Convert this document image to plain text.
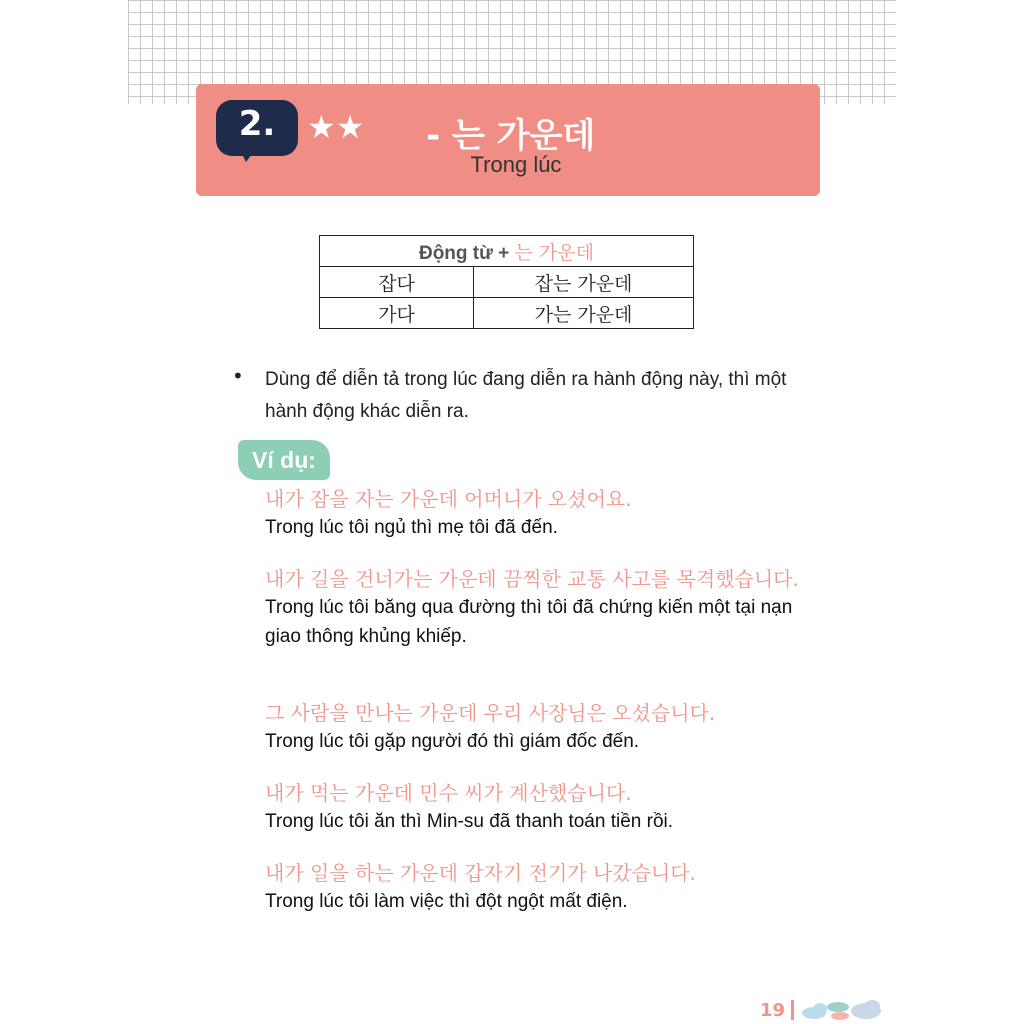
2. ★★ - 는 가운데
Trong lúc
Động từ + 는 가운데	
잡다	잡는 가운데
가다	가는 가운데
• Dùng để diễn tả trong lúc đang diễn ra hành động này, thì một hành động khác diễn ra.
Ví dụ:
내가 잠을 자는 가운데 어머니가 오셨어요.
Trong lúc tôi ngủ thì mẹ tôi đã đến.
내가 길을 건너가는 가운데 끔찍한 교통 사고를 목격했습니다.
Trong lúc tôi băng qua đường thì tôi đã chứng kiến một tại nạn giao thông khủng khiếp.
그 사람을 만나는 가운데 우리 사장님은 오셨습니다.
Trong lúc tôi gặp người đó thì giám đốc đến.
내가 먹는 가운데 민수 씨가 계산했습니다.
Trong lúc tôi ăn thì Min-su đã thanh toán tiền rồi.
내가 일을 하는 가운데 갑자기 전기가 나갔습니다.
Trong lúc tôi làm việc thì đột ngột mất điện.
19
